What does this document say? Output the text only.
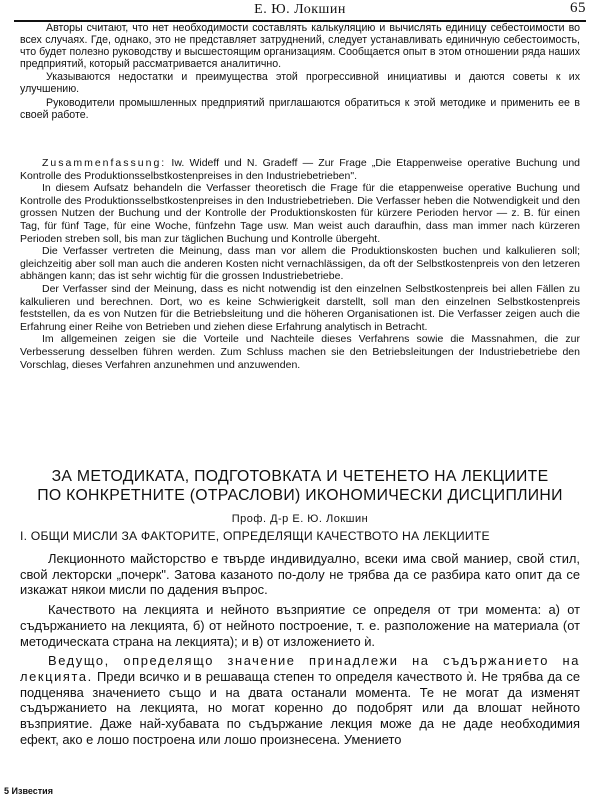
Е. Ю. Локшин	65

Авторы считают, что нет необходимости составлять калькуляцию и вычислять единицу себестоимости во всех случаях. Где, однако, это не представляет затруднений, следует устанавливать единичную себестоимость, что будет полезно руководству и высшестоящим организациям. Сообщается опыт в этом отношении ряда наших предприятий, который рассматривается аналитично.

Указываются недостатки и преимущества этой прогрессивной инициативы и даются советы к их улучшению.

Руководители промышленных предприятий приглашаются обратиться к этой методике и применить ее в своей работе.

Zusammenfassung: Iw. Wideff und N. Gradeff — Zur Frage „Die Etappenweise operative Buchung und Kontrolle des Produktionsselbstkostenpreises in den Industriebetrieben".

In diesem Aufsatz behandeln die Verfasser theoretisch die Frage für die etappenweise operative Buchung und Kontrolle des Produktionsselbstkostenpreises in den Industriebetrieben. Die Verfasser heben die Notwendigkeit und den grossen Nutzen der Buchung und der Kontrolle der Produktionskosten für kürzere Perioden hervor — z. B. für einen Tag, für fünf Tage, für eine Woche, fünfzehn Tage usw. Man weist auch daraufhin, dass man immer nach kürzeren Perioden streben soll, bis man zur täglichen Buchung und Kontrolle übergeht.

Die Verfasser vertreten die Meinung, dass man vor allem die Produktionskosten buchen und kalkulieren soll; gleichzeitig aber soll man auch die anderen Kosten nicht vernachlässigen, da oft der Selbstkostenpreis von den letzeren abhängen kann; das ist sehr wichtig für die grossen Industriebetriebe.

Der Verfasser sind der Meinung, dass es nicht notwendig ist den einzelnen Selbstkostenpreis bei allen Fällen zu kalkulieren und berechnen. Dort, wo es keine Schwierigkeit darstellt, soll man den einzelnen Selbstkostenpreis feststellen, da es von Nutzen für die Betriebsleitung und die höheren Organisationen ist. Die Verfasser zeigen auch die Erfahrung einer Reihe von Betrieben und ziehen diese Erfahrung analytisch in Betracht.

Im allgemeinen zeigen sie die Vorteile und Nachteile dieses Verfahrens sowie die Massnahmen, die zur Verbesserung desselben führen werden. Zum Schluss machen sie den Betriebsleitungen der Industriebetriebe den Vorschlag, dieses Verfahren anzunehmen und anzuwenden.

ЗА МЕТОДИКАТА, ПОДГОТОВКАТА И ЧЕТЕНЕТО НА ЛЕКЦИИТЕ
ПО КОНКРЕТНИТЕ (ОТРАСЛОВИ) ИКОНОМИЧЕСКИ ДИСЦИПЛИНИ
Проф. Д-р Е. Ю. Локшин
I. ОБЩИ МИСЛИ ЗА ФАКТОРИТЕ, ОПРЕДЕЛЯЩИ КАЧЕСТВОТО НА ЛЕКЦИИТЕ

Лекционното майсторство е твърде индивидуално, всеки има свой маниер, свой стил, свой лекторски „почерк". Затова казаното по-долу не трябва да се разбира като опит да се изкажат някои мисли по дадения въпрос.

Качеството на лекцията и нейното възприятие се определя от три момента: а) от съдържанието на лекцията, б) от нейното построение, т. е. разположение на материала (от методическата страна на лекцията); и в) от изложението ѝ.

Ведущо, определящо значение принадлежи на съдържанието на лекцията. Преди всичко и в решаваща степен то определя качеството ѝ. Не трябва да се подценява значението също и на двата останали момента. Те не могат да изменят съдържанието на лекцията, но могат коренно до подобрят или да влошат нейното възприятие. Даже най-хубавата по съдържание лекция може да не даде необходимия ефект, ако е лошо построена или лошо произнесена. Умението

5 Известия
